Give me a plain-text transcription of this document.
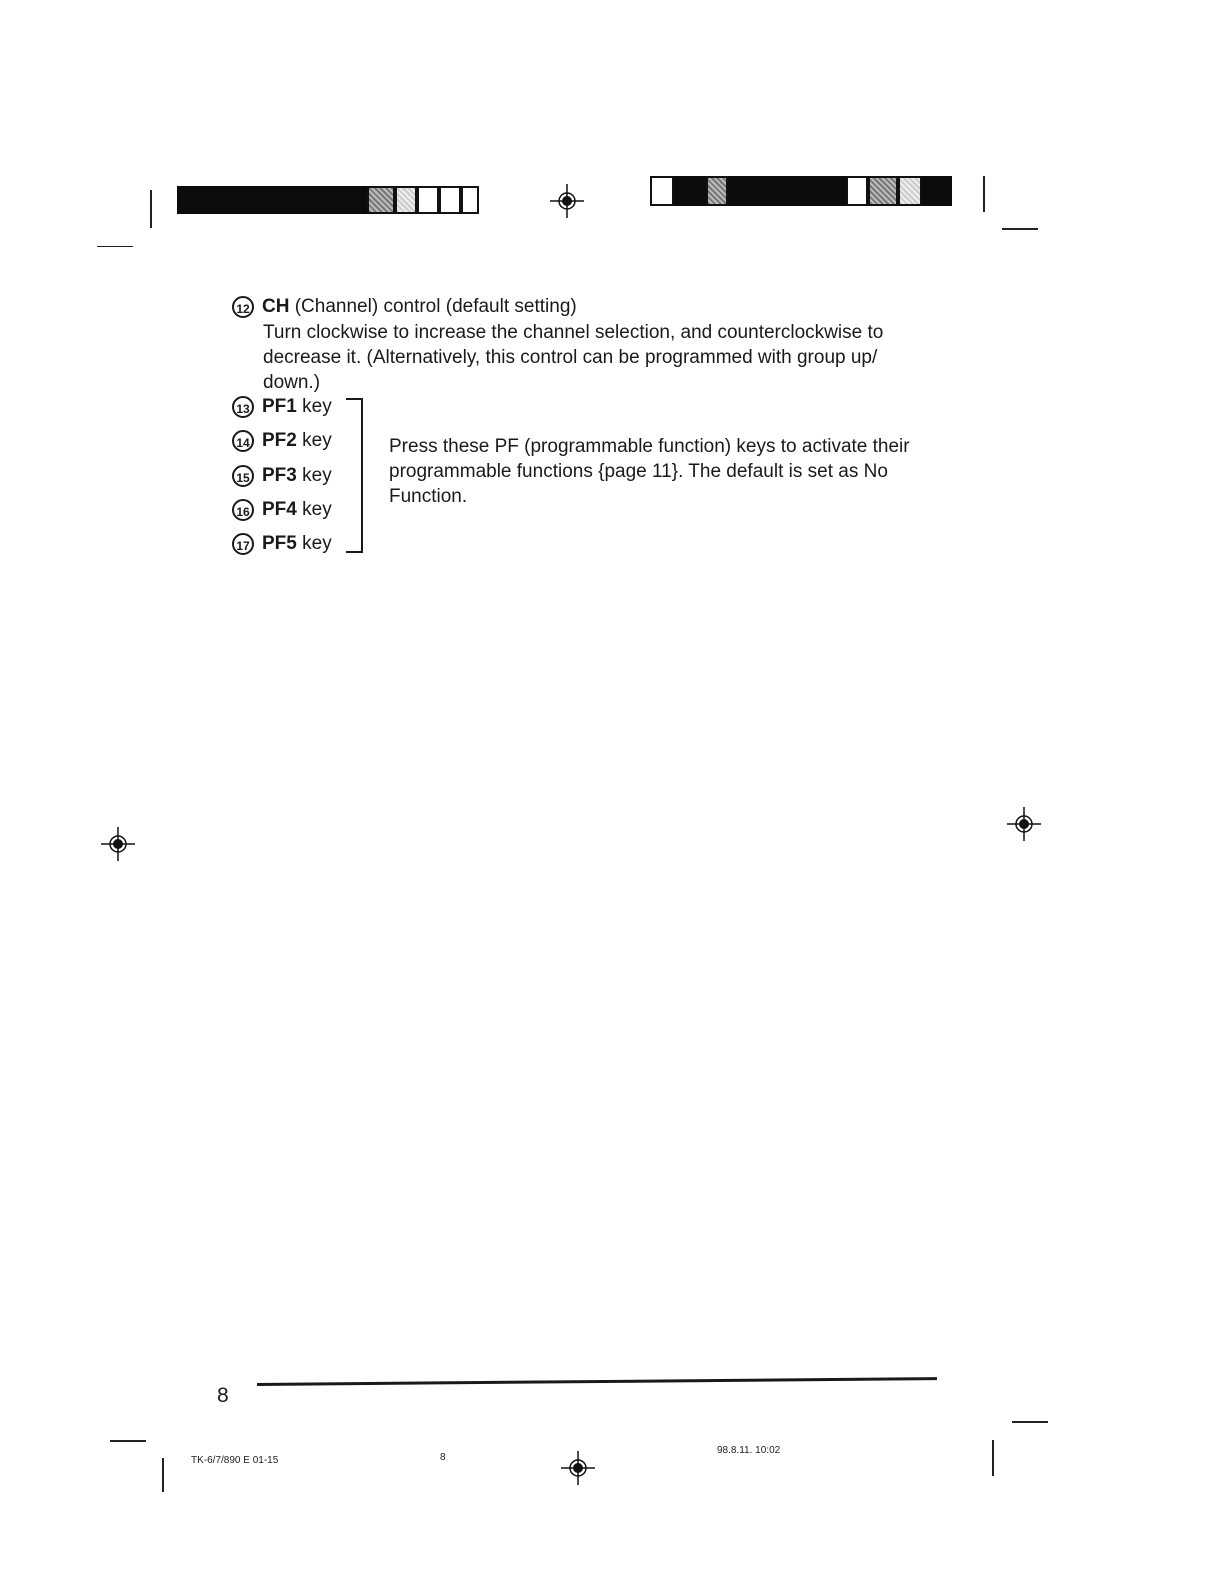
12 CH (Channel) control (default setting)
Turn clockwise to increase the channel selection, and counterclockwise to decrease it. (Alternatively, this control can be programmed with group up/ down.)
13 PF1 key
14 PF2 key
15 PF3 key
16 PF4 key
17 PF5 key
Press these PF (programmable function) keys to activate their programmable functions {page 11}. The default is set as No Function.
8
TK-6/7/890 E 01-15	8
98.8.11. 10:02
